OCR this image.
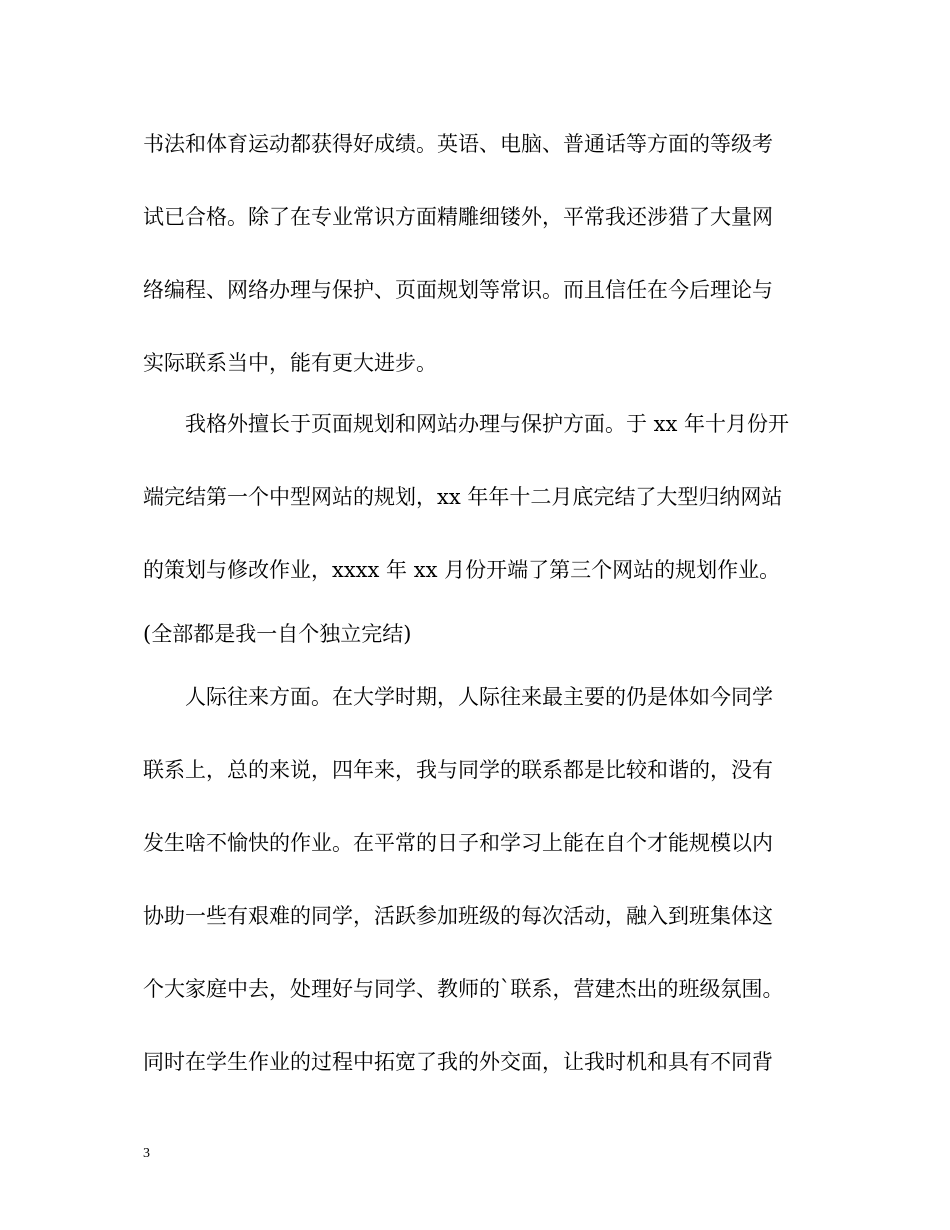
书法和体育运动都获得好成绩。英语、电脑、普通话等方面的等级考
试已合格。除了在专业常识方面精雕细镂外，平常我还涉猎了大量网
络编程、网络办理与保护、页面规划等常识。而且信任在今后理论与
实际联系当中，能有更大进步。
我格外擅长于页面规划和网站办理与保护方面。于 xx 年十月份开
端完结第一个中型网站的规划，xx 年年十二月底完结了大型归纳网站
的策划与修改作业，xxxx 年 xx 月份开端了第三个网站的规划作业。
(全部都是我一自个独立完结)
人际往来方面。在大学时期，人际往来最主要的仍是体如今同学
联系上，总的来说，四年来，我与同学的联系都是比较和谐的，没有
发生啥不愉快的作业。在平常的日子和学习上能在自个才能规模以内
协助一些有艰难的同学，活跃参加班级的每次活动，融入到班集体这
个大家庭中去，处理好与同学、教师的`联系，营建杰出的班级氛围。
同时在学生作业的过程中拓宽了我的外交面，让我时机和具有不同背
3
